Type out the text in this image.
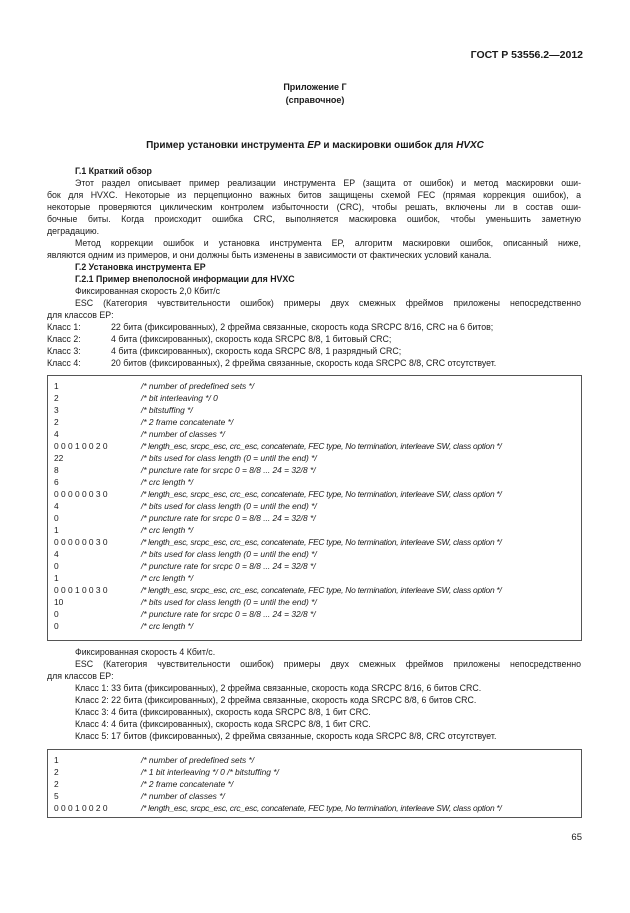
ГОСТ Р 53556.2—2012
Приложение Г
(справочное)
Пример установки инструмента EP и маскировки ошибок для HVXC
Г.1 Краткий обзор
Этот раздел описывает пример реализации инструмента EP (защита от ошибок) и метод маскировки оши-
бок для HVXC. Некоторые из перцепционно важных битов защищены схемой FEC (прямая коррекция ошибок), а
некоторые проверяются циклическим контролем избыточности (CRC), чтобы решать, включены ли в состав оши-
бочные биты. Когда происходит ошибка CRC, выполняется маскировка ошибок, чтобы уменьшить заметную
деградацию.
Метод коррекции ошибок и установка инструмента EP, алгоритм маскировки ошибок, описанный ниже,
являются одним из примеров, и они должны быть изменены в зависимости от фактических условий канала.
Г.2 Установка инструмента EP
Г.2.1 Пример внеполосной информации для HVXC
Фиксированная скорость 2,0 Кбит/с
ESC (Категория чувствительности ошибок) примеры двух смежных фреймов приложены непосредственно
для классов EP:
Класс 1:	22 бита (фиксированных), 2 фрейма связанные, скорость кода SRCPC 8/16, CRC на 6 битов;
Класс 2:	4 бита (фиксированных), скорость кода SRCPC 8/8, 1 битовый CRC;
Класс 3:	4 бита (фиксированных), скорость кода SRCPC 8/8, 1 разрядный CRC;
Класс 4:	20 битов (фиксированных), 2 фрейма связанные, скорость кода SRCPC 8/8, CRC отсутствует.
1	/* number of predefined sets */
2	/* bit interleaving */ 0
3	/* bitstuffing */
2	/* 2 frame concatenate */
4	/* number of classes */
0 0 0 1 0 0 2 0	/* length_esc, srcpc_esc, crc_esc, concatenate, FEC type, No termination, interleave SW, class option */
22	/* bits used for class length (0 = until the end) */
8	/* puncture rate for srcpc 0 = 8/8 ... 24 = 32/8 */
6	/* crc length */
0 0 0 0 0 0 3 0	/* length_esc, srcpc_esc, crc_esc, concatenate, FEC type, No termination, interleave SW, class option */
4	/* bits used for class length (0 = until the end) */
0	/* puncture rate for srcpc 0 = 8/8 ... 24 = 32/8 */
1	/* crc length */
0 0 0 0 0 0 3 0	/* length_esc, srcpc_esc, crc_esc, concatenate, FEC type, No termination, interleave SW, class option */
4	/* bits used for class length (0 = until the end) */
0	/* puncture rate for srcpc 0 = 8/8 ... 24 = 32/8 */
1	/* crc length */
0 0 0 1 0 0 3 0	/* length_esc, srcpc_esc, crc_esc, concatenate, FEC type, No termination, interleave SW, class option */
10	/* bits used for class length (0 = until the end) */
0	/* puncture rate for srcpc 0 = 8/8 ... 24 = 32/8 */
0	/* crc length */
Фиксированная скорость 4 Кбит/с.
ESC (Категория чувствительности ошибок) примеры двух смежных фреймов приложены непосредственно
для классов EP:
Класс 1: 33 бита (фиксированных), 2 фрейма связанные, скорость кода SRCPC 8/16, 6 битов CRC.
Класс 2: 22 бита (фиксированных), 2 фрейма связанные, скорость кода SRCPC 8/8, 6 битов CRC.
Класс 3: 4 бита (фиксированных), скорость кода SRCPC 8/8, 1 бит CRC.
Класс 4: 4 бита (фиксированных), скорость кода SRCPC 8/8, 1 бит CRC.
Класс 5: 17 битов (фиксированных), 2 фрейма связанные, скорость кода SRCPC 8/8, CRC отсутствует.
1	/* number of predefined sets */
2	/* 1 bit interleaving */ 0 /* bitstuffing */
2	/* 2 frame concatenate */
5	/* number of classes */
0 0 0 1 0 0 2 0	/* length_esc, srcpc_esc, crc_esc, concatenate, FEC type, No termination, interleave SW, class option */
65
